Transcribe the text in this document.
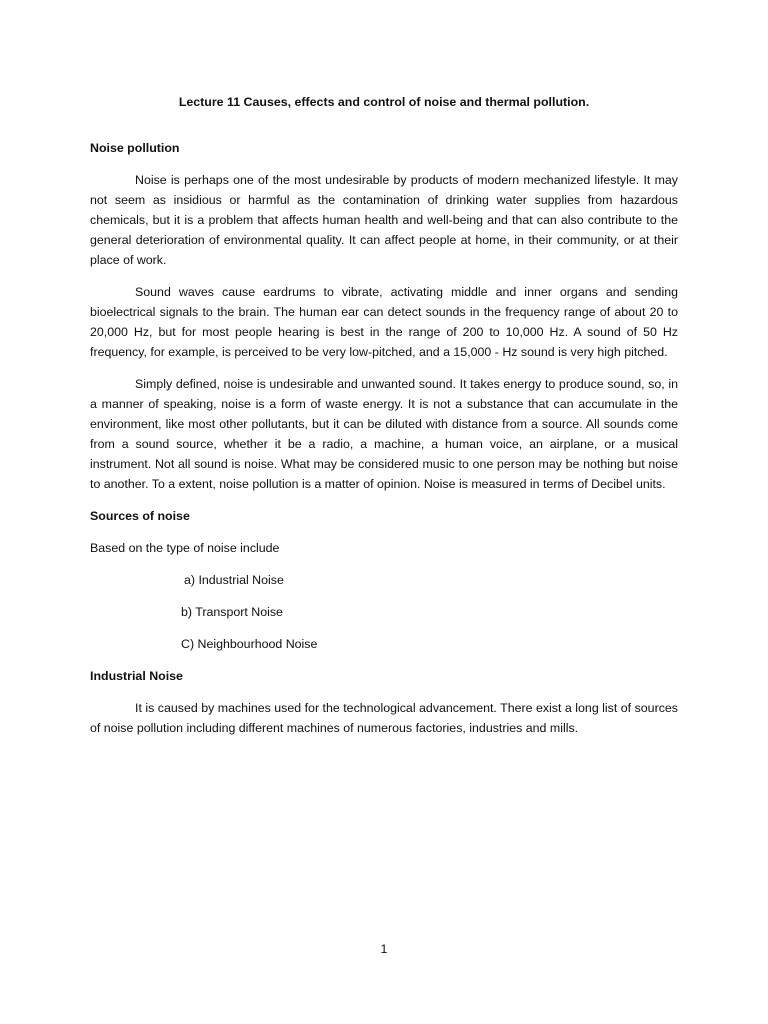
Lecture 11 Causes, effects and control of noise and thermal pollution.
Noise pollution
Noise is perhaps one of the most undesirable by products of modern mechanized lifestyle. It may not seem as insidious or harmful as the contamination of drinking water supplies from hazardous chemicals, but it is a problem that affects human health and well-being and that can also contribute to the general deterioration of environmental quality. It can affect people at home, in their community, or at their place of work.
Sound waves cause eardrums to vibrate, activating middle and inner organs and sending bioelectrical signals to the brain. The human ear can detect sounds in the frequency range of about 20 to 20,000 Hz, but for most people hearing is best in the range of 200 to 10,000 Hz. A sound of 50 Hz frequency, for example, is perceived to be very low-pitched, and a 15,000 - Hz sound is very high pitched.
Simply defined, noise is undesirable and unwanted sound. It takes energy to produce sound, so, in a manner of speaking, noise is a form of waste energy. It is not a substance that can accumulate in the environment, like most other pollutants, but it can be diluted with distance from a source. All sounds come from a sound source, whether it be a radio, a machine, a human voice, an airplane, or a musical instrument. Not all sound is noise. What may be considered music to one person may be nothing but noise to another. To a extent, noise pollution is a matter of opinion. Noise is measured in terms of Decibel units.
Sources of noise
Based on the type of noise include
a) Industrial Noise
b) Transport Noise
C) Neighbourhood Noise
Industrial Noise
It is caused by machines used for the technological advancement. There exist a long list of sources of noise pollution including different machines of numerous factories, industries and mills.
1
